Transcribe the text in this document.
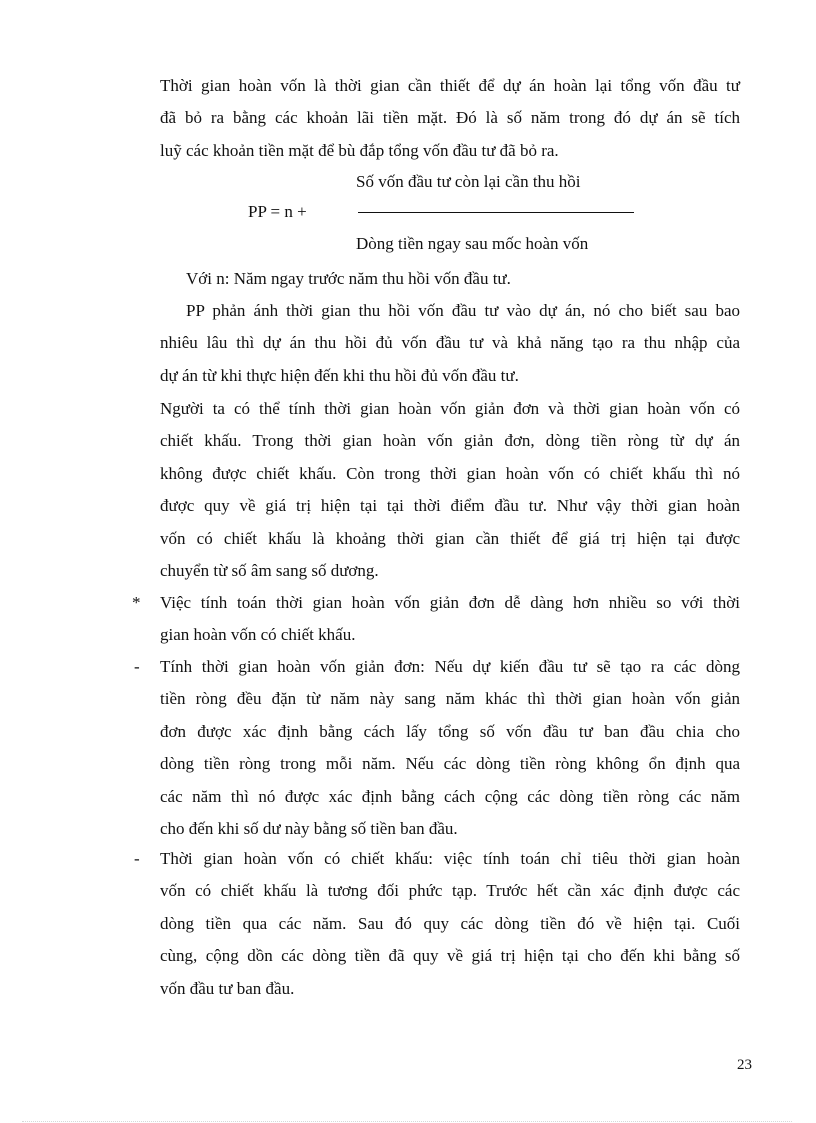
Thời gian hoàn vốn là thời gian cần thiết để dự án hoàn lại tổng vốn đầu tư
đã bỏ ra bằng các khoản lãi tiền mặt. Đó là số năm trong đó dự án sẽ tích
luỹ các khoản tiền mặt để bù đắp tổng vốn đầu tư đã bỏ ra.
PP = n +
Số vốn đầu tư còn lại cần thu hồi
Dòng tiền ngay sau mốc hoàn vốn
Với n: Năm ngay trước năm thu hồi vốn đầu tư.
PP phản ánh thời gian thu hồi vốn đầu tư vào dự án, nó cho biết sau bao
nhiêu lâu thì dự án thu hồi đủ vốn đầu tư và khả năng tạo ra thu nhập của
dự án từ khi thực hiện đến khi thu hồi đủ vốn đầu tư.
Người ta có thể tính thời gian hoàn vốn giản đơn và thời gian hoàn vốn có
chiết khấu. Trong thời gian hoàn vốn giản đơn, dòng tiền ròng từ dự án
không được chiết khấu. Còn trong thời gian hoàn vốn có chiết khấu thì nó
được quy về giá trị hiện tại tại thời điểm đầu tư. Như vậy thời gian hoàn
vốn có chiết khấu là khoảng thời gian cần thiết để giá trị hiện tại được
chuyển từ số âm sang số dương.
* Việc tính toán thời gian hoàn vốn giản đơn dễ dàng hơn nhiều so với thời
gian hoàn vốn có chiết khấu.
- Tính thời gian hoàn vốn giản đơn: Nếu dự kiến đầu tư sẽ tạo ra các dòng
tiền ròng đều đặn từ năm này sang năm khác thì thời gian hoàn vốn giản
đơn được xác định bằng cách lấy tổng số vốn đầu tư ban đầu chia cho
dòng tiền ròng trong mỗi năm. Nếu các dòng tiền ròng không ổn định qua
các năm thì nó được xác định bằng cách cộng các dòng tiền ròng các năm
cho đến khi số dư này bằng số tiền ban đầu.
- Thời gian hoàn vốn có chiết khấu: việc tính toán chỉ tiêu thời gian hoàn
vốn có chiết khấu là tương đối phức tạp. Trước hết cần xác định được các
dòng tiền qua các năm. Sau đó quy các dòng tiền đó về hiện tại. Cuối
cùng, cộng dồn các dòng tiền đã quy về giá trị hiện tại cho đến khi bằng số
vốn đầu tư ban đầu.
23
